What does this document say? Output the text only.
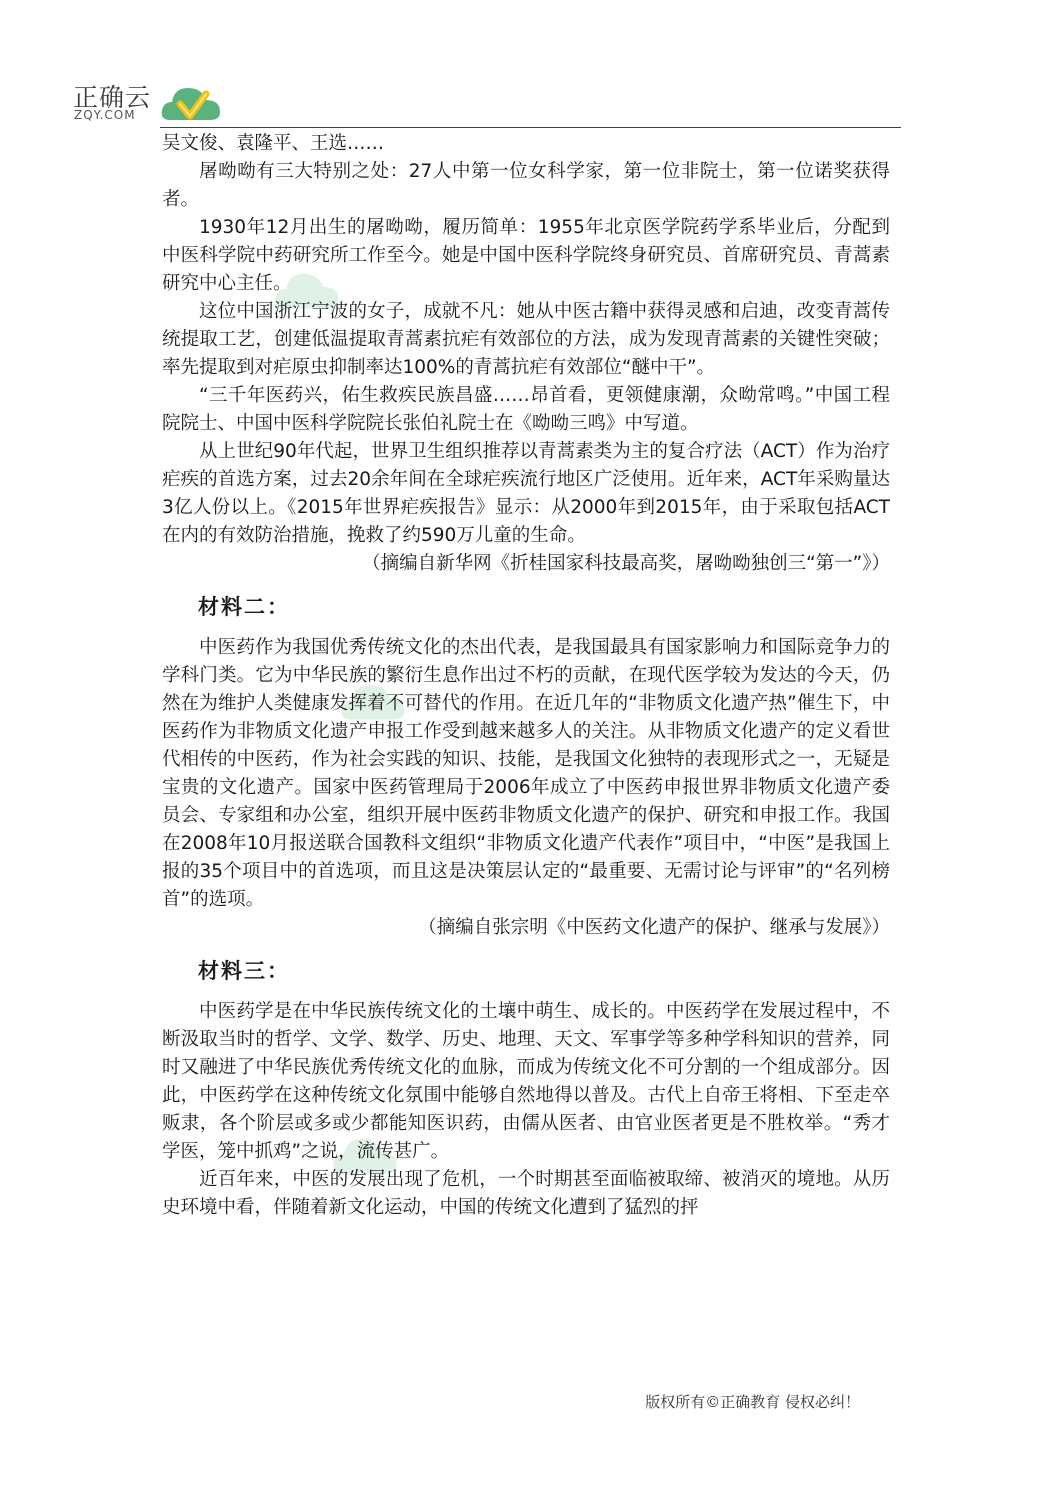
正确云
ZQY.COM

吴文俊、袁隆平、王选……

屠呦呦有三大特别之处：27人中第一位女科学家，第一位非院士，第一位诺奖获得者。

1930年12月出生的屠呦呦，履历简单：1955年北京医学院药学系毕业后，分配到中医科学院中药研究所工作至今。她是中国中医科学院终身研究员、首席研究员、青蒿素研究中心主任。

这位中国浙江宁波的女子，成就不凡：她从中医古籍中获得灵感和启迪，改变青蒿传统提取工艺，创建低温提取青蒿素抗疟有效部位的方法，成为发现青蒿素的关键性突破；率先提取到对疟原虫抑制率达100%的青蒿抗疟有效部位“醚中干”。

“三千年医药兴，佑生救疾民族昌盛……昂首看，更领健康潮，众呦常鸣。”中国工程院院士、中国中医科学院院长张伯礼院士在《呦呦三鸣》中写道。

从上世纪90年代起，世界卫生组织推荐以青蒿素类为主的复合疗法（ACT）作为治疗疟疾的首选方案，过去20余年间在全球疟疾流行地区广泛使用。近年来，ACT年采购量达3亿人份以上。《2015年世界疟疾报告》显示：从2000年到2015年，由于采取包括ACT在内的有效防治措施，挽救了约590万儿童的生命。

（摘编自新华网《折桂国家科技最高奖，屠呦呦独创三“第一”》）

材料二：

中医药作为我国优秀传统文化的杰出代表，是我国最具有国家影响力和国际竞争力的学科门类。它为中华民族的繁衍生息作出过不朽的贡献，在现代医学较为发达的今天，仍然在为维护人类健康发挥着不可替代的作用。在近几年的“非物质文化遗产热”催生下，中医药作为非物质文化遗产申报工作受到越来越多人的关注。从非物质文化遗产的定义看世代相传的中医药，作为社会实践的知识、技能，是我国文化独特的表现形式之一，无疑是宝贵的文化遗产。国家中医药管理局于2006年成立了中医药申报世界非物质文化遗产委员会、专家组和办公室，组织开展中医药非物质文化遗产的保护、研究和申报工作。我国在2008年10月报送联合国教科文组织“非物质文化遗产代表作”项目中，“中医”是我国上报的35个项目中的首选项，而且这是决策层认定的“最重要、无需讨论与评审”的“名列榜首”的选项。

（摘编自张宗明《中医药文化遗产的保护、继承与发展》）

材料三：

中医药学是在中华民族传统文化的土壤中萌生、成长的。中医药学在发展过程中，不断汲取当时的哲学、文学、数学、历史、地理、天文、军事学等多种学科知识的营养，同时又融进了中华民族优秀传统文化的血脉，而成为传统文化不可分割的一个组成部分。因此，中医药学在这种传统文化氛围中能够自然地得以普及。古代上自帝王将相、下至走卒贩隶，各个阶层或多或少都能知医识药，由儒从医者、由官业医者更是不胜枚举。“秀才学医，笼中抓鸡”之说，流传甚广。

近百年来，中医的发展出现了危机，一个时期甚至面临被取缔、被消灭的境地。从历史环境中看，伴随着新文化运动，中国的传统文化遭到了猛烈的抨

版权所有©正确教育 侵权必纠！
